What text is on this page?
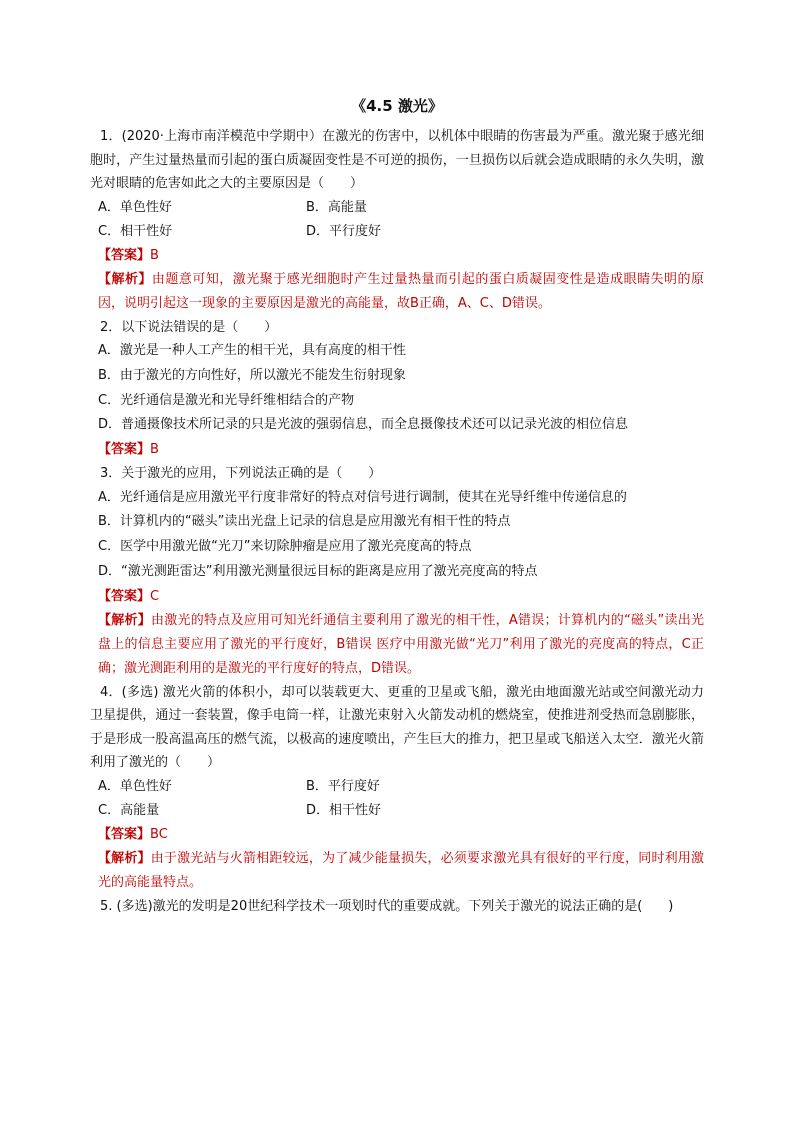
《4.5 激光》

1．(2020·上海市南洋模范中学期中）在激光的伤害中，以机体中眼睛的伤害最为严重。激光聚于感光细胞时，产生过量热量而引起的蛋白质凝固变性是不可逆的损伤，一旦损伤以后就会造成眼睛的永久失明，激光对眼睛的危害如此之大的主要原因是（　　）

A．单色性好	B．高能量
C．相干性好	D．平行度好
【答案】B
【解析】由题意可知，激光聚于感光细胞时产生过量热量而引起的蛋白质凝固变性是造成眼睛失明的原因，说明引起这一现象的主要原因是激光的高能量，故B正确，A、C、D错误。

2．以下说法错误的是（　　）

A．激光是一种人工产生的相干光，具有高度的相干性
B．由于激光的方向性好，所以激光不能发生衍射现象
C．光纤通信是激光和光导纤维相结合的产物
D．普通摄像技术所记录的只是光波的强弱信息，而全息摄像技术还可以记录光波的相位信息
【答案】B

3．关于激光的应用，下列说法正确的是（　　）

A．光纤通信是应用激光平行度非常好的特点对信号进行调制，使其在光导纤维中传递信息的
B．计算机内的“磁头”读出光盘上记录的信息是应用激光有相干性的特点
C．医学中用激光做“光刀”来切除肿瘤是应用了激光亮度高的特点
D．“激光测距雷达”利用激光测量很远目标的距离是应用了激光亮度高的特点
【答案】C
【解析】由激光的特点及应用可知光纤通信主要利用了激光的相干性，A错误；计算机内的“磁头”读出光盘上的信息主要应用了激光的平行度好，B错误 医疗中用激光做“光刀”利用了激光的亮度高的特点，C正确；激光测距利用的是激光的平行度好的特点，D错误。

4．(多选) 激光火箭的体积小，却可以装载更大、更重的卫星或飞船，激光由地面激光站或空间激光动力卫星提供，通过一套装置，像手电筒一样，让激光束射入火箭发动机的燃烧室，使推进剂受热而急剧膨胀，于是形成一股高温高压的燃气流，以极高的速度喷出，产生巨大的推力，把卫星或飞船送入太空．激光火箭利用了激光的（　　）

A．单色性好	B．平行度好
C．高能量	D．相干性好
【答案】BC
【解析】由于激光站与火箭相距较远，为了减少能量损失，必须要求激光具有很好的平行度，同时利用激光的高能量特点。

5. (多选)激光的发明是20世纪科学技术一项划时代的重要成就。下列关于激光的说法正确的是(　　)
